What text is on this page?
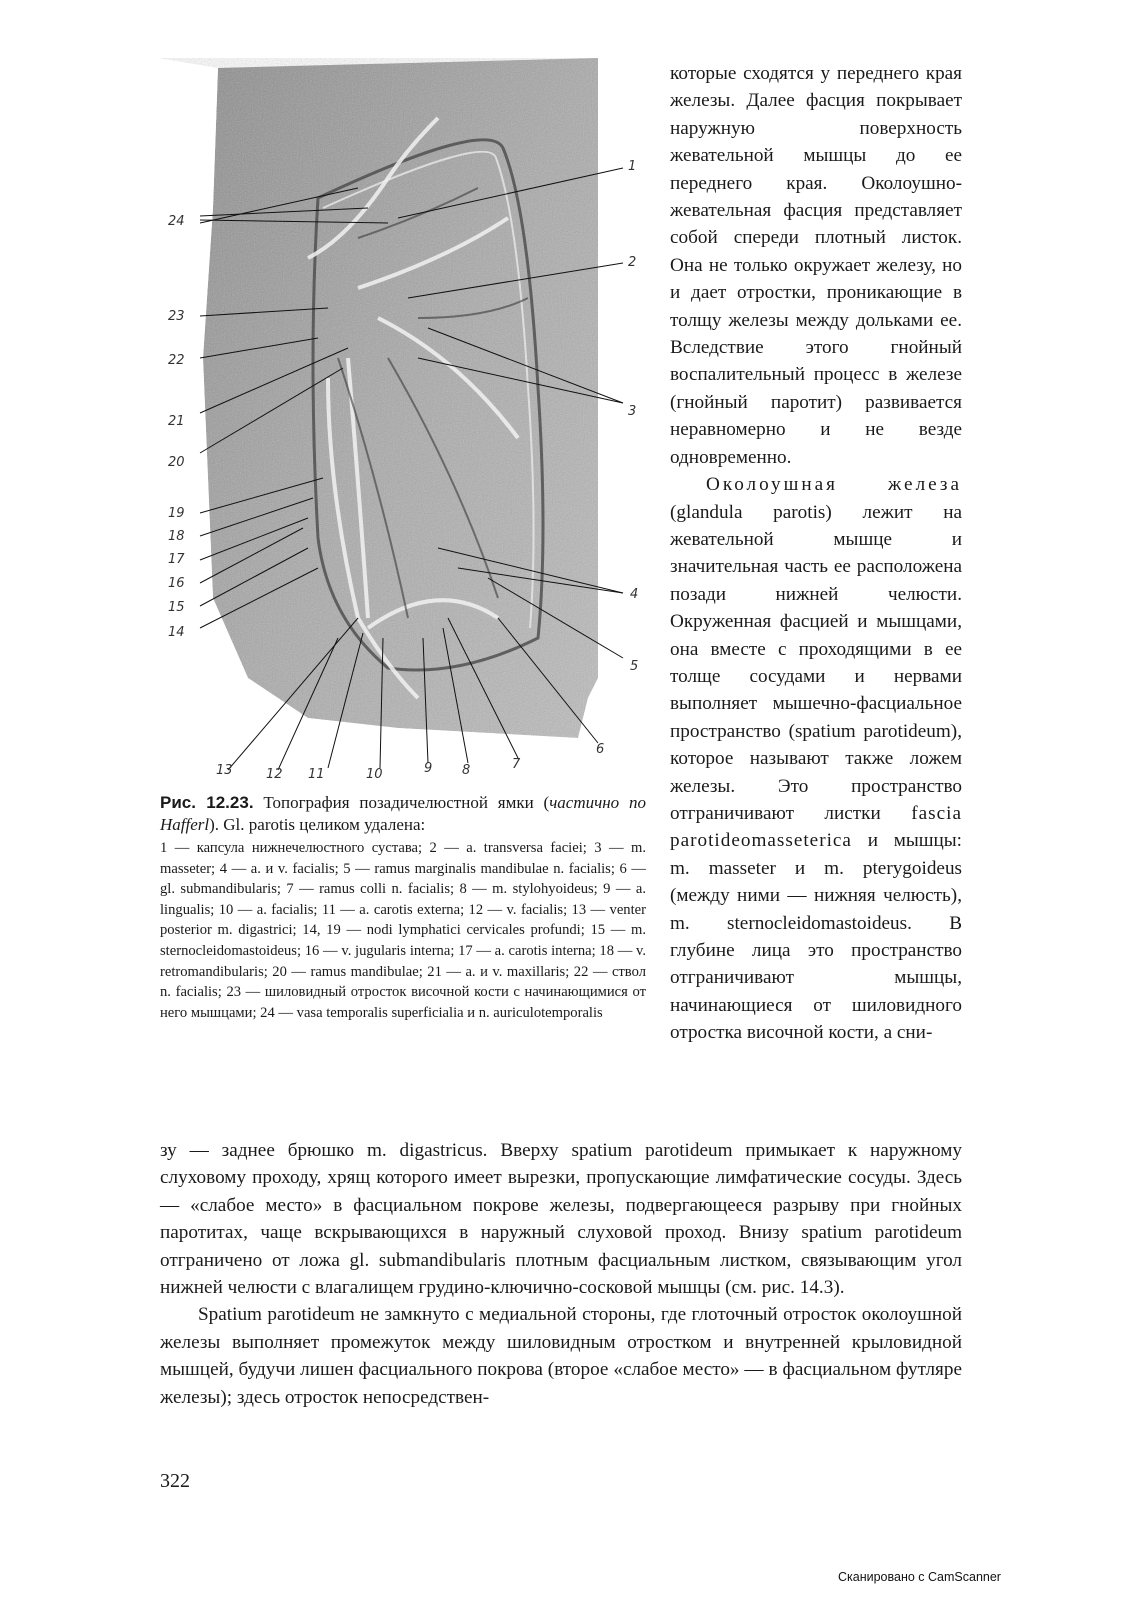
1
2
3
4
5
6
7
8
9
10
11
12
13
14
15
16
17
18
19
20
21
22
23
24

которые сходятся у переднего края железы. Далее фасция покрывает наружную поверхность жевательной мышцы до ее переднего края. Околоушно-жевательная фасция представляет собой спереди плотный листок. Она не только окружает железу, но и дает отростки, проникающие в толщу железы между дольками ее. Вследствие этого гнойный воспалительный процесс в железе (гнойный паротит) развивается неравномерно и не везде одновременно.

Околоушная железа (glandula parotis) лежит на жевательной мышце и значительная часть ее расположена позади нижней челюсти. Окруженная фасцией и мышцами, она вместе с проходящими в ее толще сосудами и нервами выполняет мышечно-фасциальное пространство (spatium parotideum), которое называют также ложем железы. Это пространство отграничивают листки fascia parotideomasseterica и мышцы: m. masseter и m. pterygoideus (между ними — нижняя челюсть), m. sternocleidomastoideus. В глубине лица это пространство отграничивают мышцы, начинающиеся от шиловидного отростка височной кости, а сни-

Рис. 12.23. Топография позадичелюстной ямки (частично по Hafferl). Gl. parotis целиком удалена:

1 — капсула нижнечелюстного сустава; 2 — a. transversa faciei; 3 — m. masseter; 4 — a. и v. facialis; 5 — ramus marginalis mandibulae n. facialis; 6 — gl. submandibularis; 7 — ramus colli n. facialis; 8 — m. stylohyoideus; 9 — a. lingualis; 10 — a. facialis; 11 — a. carotis externa; 12 — v. facialis; 13 — venter posterior m. digastrici; 14, 19 — nodi lymphatici cervicales profundi; 15 — m. sternocleidomastoideus; 16 — v. jugularis interna; 17 — a. carotis interna; 18 — v. retromandibularis; 20 — ramus mandibulae; 21 — a. и v. maxillaris; 22 — ствол n. facialis; 23 — шиловидный отросток височной кости с начинающимися от него мышцами; 24 — vasa temporalis superficialia и n. auriculotemporalis

зу — заднее брюшко m. digastricus. Вверху spatium parotideum примыкает к наружному слуховому проходу, хрящ которого имеет вырезки, пропускающие лимфатические сосуды. Здесь — «слабое место» в фасциальном покрове железы, подвергающееся разрыву при гнойных паротитах, чаще вскрывающихся в наружный слуховой проход. Внизу spatium parotideum отграничено от ложа gl. submandibularis плотным фасциальным листком, связывающим угол нижней челюсти с влагалищем грудино-ключично-сосковой мышцы (см. рис. 14.3).

Spatium parotideum не замкнуто с медиальной стороны, где глоточный отросток околоушной железы выполняет промежуток между шиловидным отростком и внутренней крыловидной мышцей, будучи лишен фасциального покрова (второе «слабое место» — в фасциальном футляре железы); здесь отросток непосредствен-

322
Сканировано с CamScanner
